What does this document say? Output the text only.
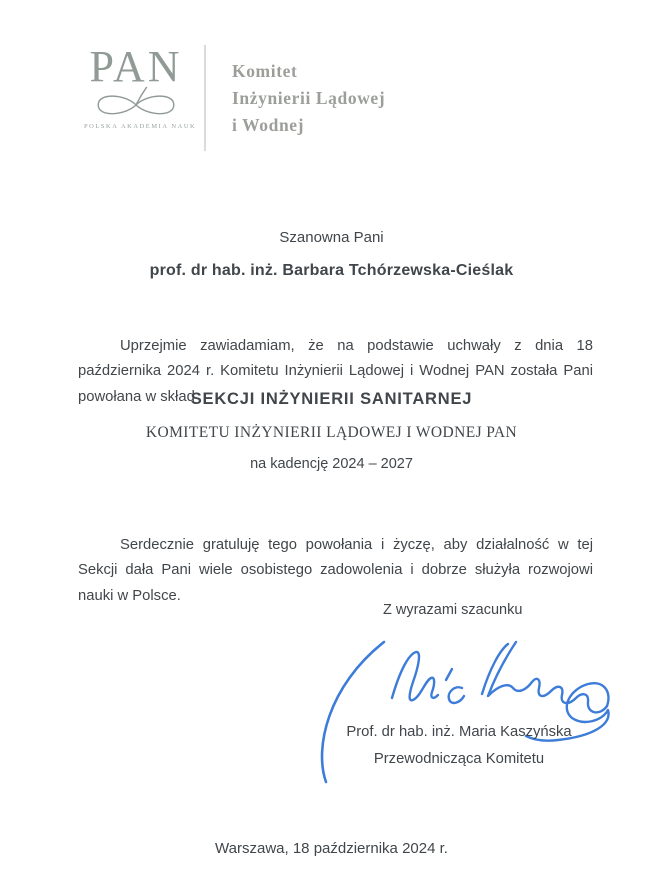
PAN
POLSKA AKADEMIA NAUK
Komitet
Inżynierii Lądowej
i Wodnej
Szanowna Pani
prof. dr hab. inż. Barbara Tchórzewska-Cieślak

Uprzejmie zawiadamiam, że na podstawie uchwały z dnia 18 października 2024 r. Komitetu Inżynierii Lądowej i Wodnej PAN została Pani powołana w skład

SEKCJI INŻYNIERII SANITARNEJ
KOMITETU INŻYNIERII LĄDOWEJ I WODNEJ PAN
na kadencję 2024 – 2027

Serdecznie gratuluję tego powołania i życzę, aby działalność w tej Sekcji dała Pani wiele osobistego zadowolenia i dobrze służyła rozwojowi nauki w Polsce.

Z wyrazami szacunku
Prof. dr hab. inż. Maria Kaszyńska
Przewodnicząca Komitetu
Warszawa, 18 października 2024 r.
